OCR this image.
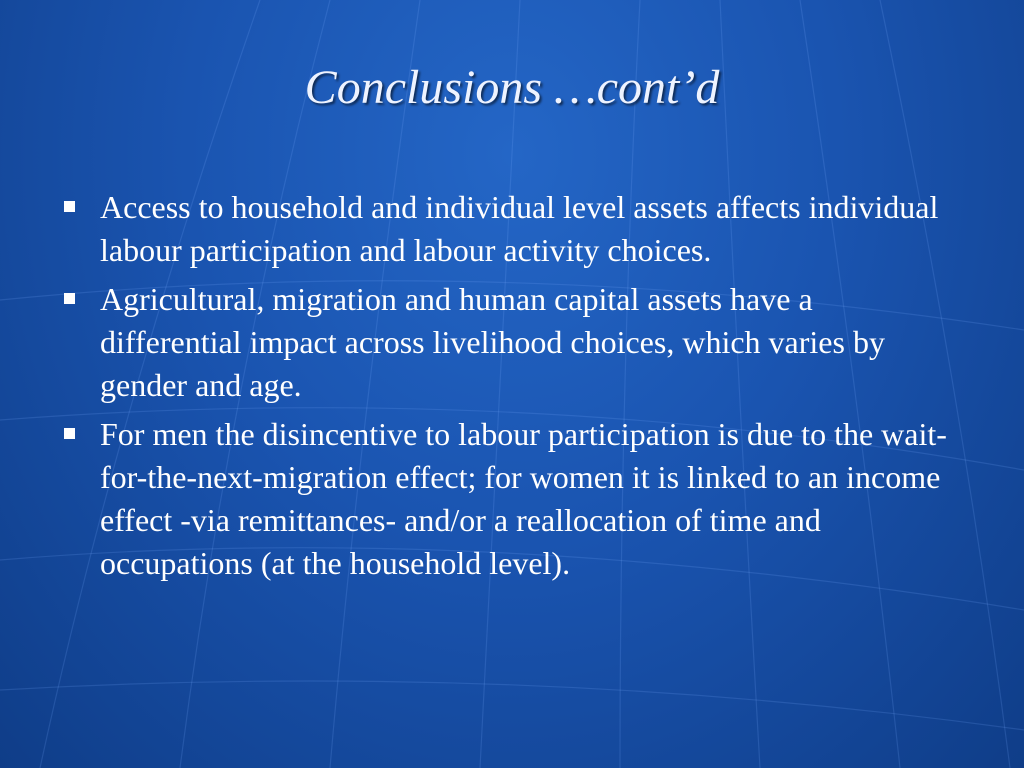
Conclusions …cont’d
Access to household and individual level assets affects individual labour participation and labour activity choices.
Agricultural, migration and human capital assets have a differential impact across livelihood choices, which varies by gender and age.
For men the disincentive to labour participation is due to the wait-for-the-next-migration effect; for women it is linked to an income effect -via remittances- and/or a reallocation of time and occupations (at the household level).
